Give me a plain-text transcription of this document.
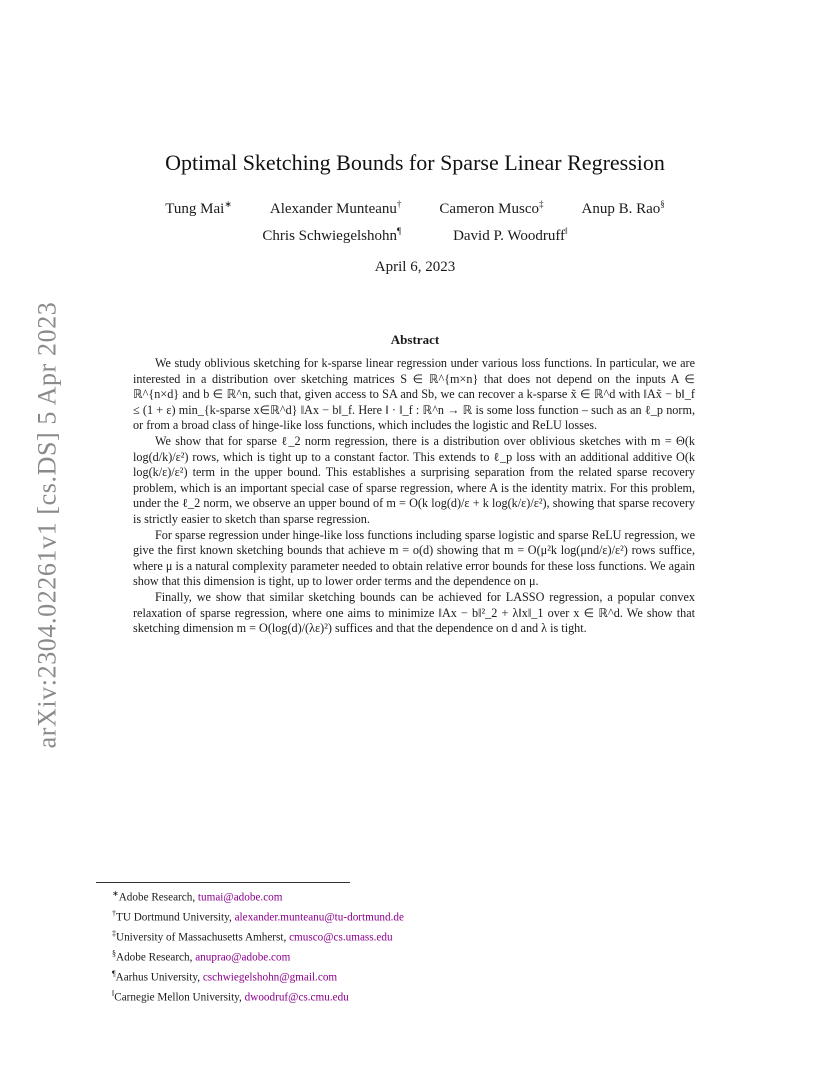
arXiv:2304.02261v1 [cs.DS] 5 Apr 2023
Optimal Sketching Bounds for Sparse Linear Regression
Tung Mai∗	Alexander Munteanu†	Cameron Musco‡	Anup B. Rao§
Chris Schwiegelshohn¶	David P. Woodruff‖
April 6, 2023
Abstract

We study oblivious sketching for k-sparse linear regression under various loss functions. In particular, we are interested in a distribution over sketching matrices S ∈ ℝ^{m×n} that does not depend on the inputs A ∈ ℝ^{n×d} and b ∈ ℝ^n, such that, given access to SA and Sb, we can recover a k-sparse x̃ ∈ ℝ^d with ‖Ax̃ − b‖_f ≤ (1 + ε) min_{k-sparse x∈ℝ^d} ‖Ax − b‖_f. Here ‖ · ‖_f : ℝ^n → ℝ is some loss function – such as an ℓ_p norm, or from a broad class of hinge-like loss functions, which includes the logistic and ReLU losses.

We show that for sparse ℓ_2 norm regression, there is a distribution over oblivious sketches with m = Θ(k log(d/k)/ε²) rows, which is tight up to a constant factor. This extends to ℓ_p loss with an additional additive O(k log(k/ε)/ε²) term in the upper bound. This establishes a surprising separation from the related sparse recovery problem, which is an important special case of sparse regression, where A is the identity matrix. For this problem, under the ℓ_2 norm, we observe an upper bound of m = O(k log(d)/ε + k log(k/ε)/ε²), showing that sparse recovery is strictly easier to sketch than sparse regression.

For sparse regression under hinge-like loss functions including sparse logistic and sparse ReLU regression, we give the first known sketching bounds that achieve m = o(d) showing that m = O(μ²k log(μnd/ε)/ε²) rows suffice, where μ is a natural complexity parameter needed to obtain relative error bounds for these loss functions. We again show that this dimension is tight, up to lower order terms and the dependence on μ.

Finally, we show that similar sketching bounds can be achieved for LASSO regression, a popular convex relaxation of sparse regression, where one aims to minimize ‖Ax − b‖²_2 + λ‖x‖_1 over x ∈ ℝ^d. We show that sketching dimension m = O(log(d)/(λε)²) suffices and that the dependence on d and λ is tight.

∗Adobe Research, tumai@adobe.com
†TU Dortmund University, alexander.munteanu@tu-dortmund.de
‡University of Massachusetts Amherst, cmusco@cs.umass.edu
§Adobe Research, anuprao@adobe.com
¶Aarhus University, cschwiegelshohn@gmail.com
‖Carnegie Mellon University, dwoodruf@cs.cmu.edu
